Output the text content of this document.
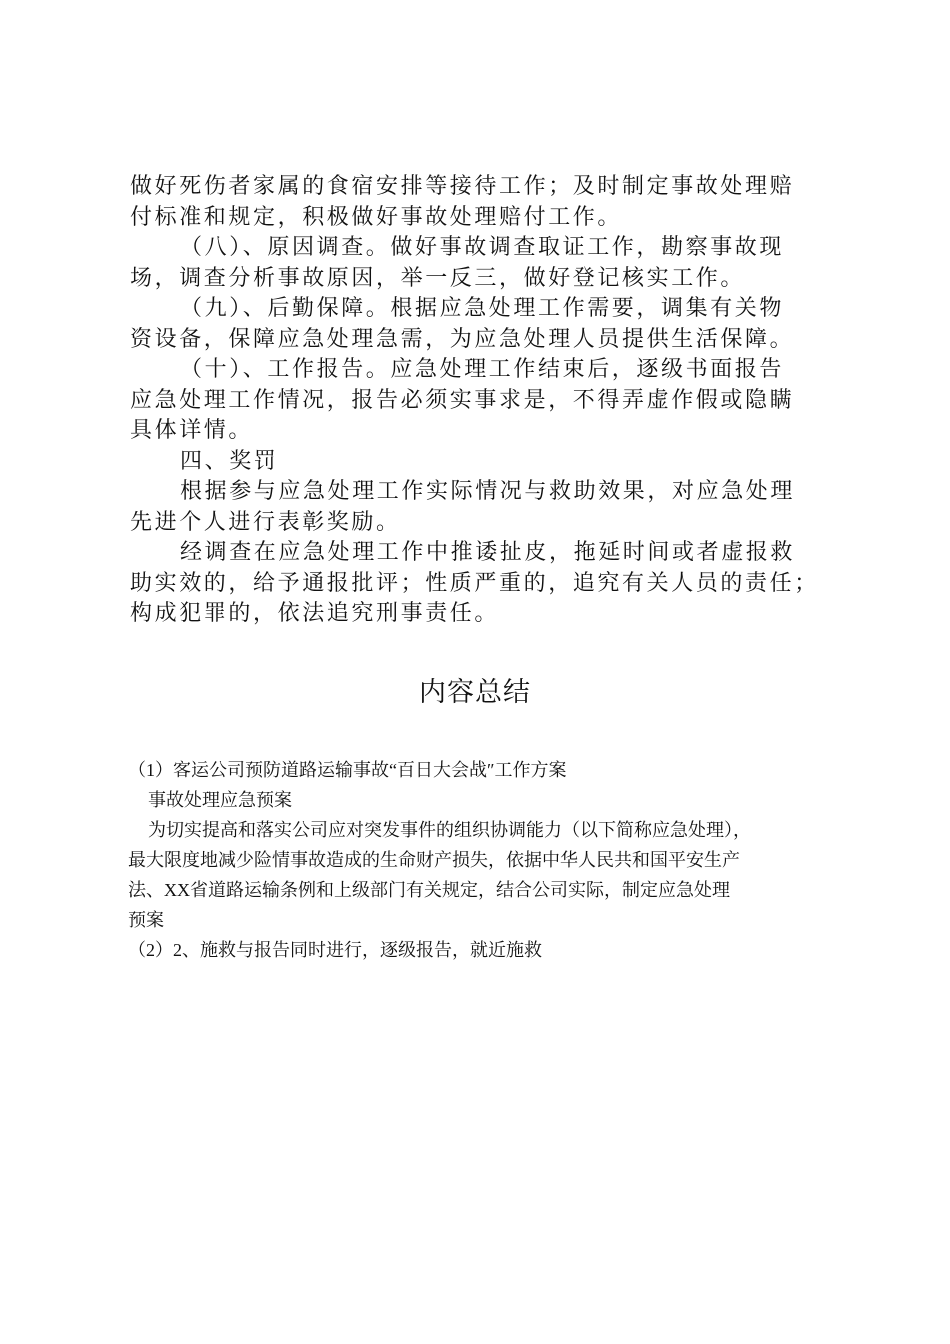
做好死伤者家属的食宿安排等接待工作；及时制定事故处理赔
付标准和规定，积极做好事故处理赔付工作。
（八）、原因调查。做好事故调查取证工作，勘察事故现
场，调查分析事故原因，举一反三，做好登记核实工作。
（九）、后勤保障。根据应急处理工作需要，调集有关物
资设备，保障应急处理急需，为应急处理人员提供生活保障。
（十）、工作报告。应急处理工作结束后，逐级书面报告
应急处理工作情况，报告必须实事求是，不得弄虚作假或隐瞒
具体详情。
四、奖罚
根据参与应急处理工作实际情况与救助效果，对应急处理
先进个人进行表彰奖励。
经调查在应急处理工作中推诿扯皮，拖延时间或者虚报救
助实效的，给予通报批评；性质严重的，追究有关人员的责任；
构成犯罪的，依法追究刑事责任。
内容总结
（1）客运公司预防道路运输事故“百日大会战″工作方案
事故处理应急预案
为切实提高和落实公司应对突发事件的组织协调能力（以下简称应急处理），
最大限度地减少险情事故造成的生命财产损失，依据中华人民共和国平安生产
法、XX省道路运输条例和上级部门有关规定，结合公司实际，制定应急处理
预案
（2）2、施救与报告同时进行，逐级报告，就近施救
